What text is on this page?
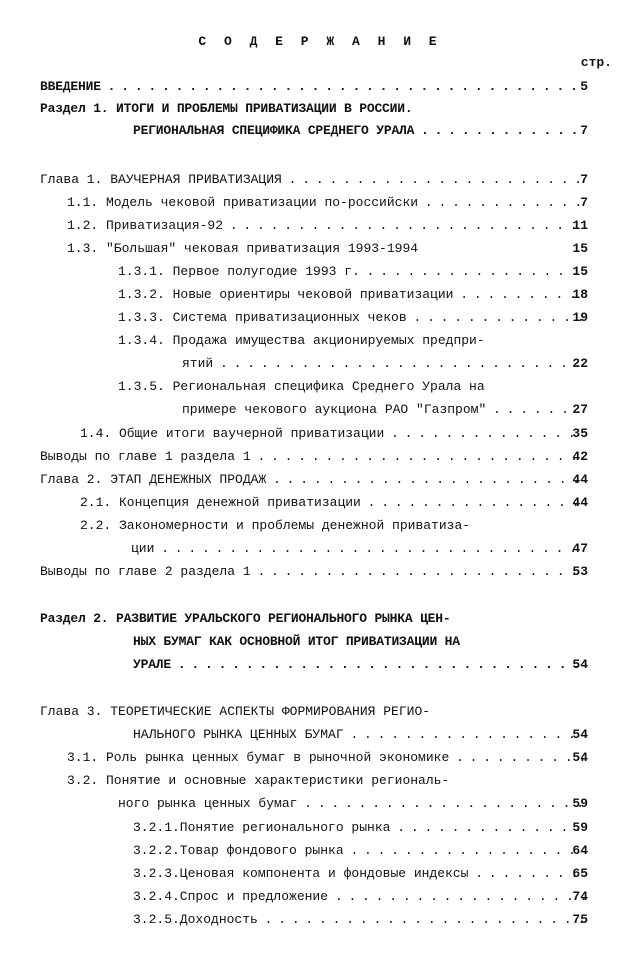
С О Д Е Р Ж А Н И Е
стр.
ВВЕДЕНИЕ . . .	5
Раздел 1. ИТОГИ И ПРОБЛЕМЫ ПРИВАТИЗАЦИИ В РОССИИ.
РЕГИОНАЛЬНАЯ СПЕЦИФИКА СРЕДНЕГО УРАЛА . . .	7
Глава 1. ВАУЧЕРНАЯ ПРИВАТИЗАЦИЯ . . .	7
1.1. Модель чековой приватизации по-российски . . .	7
1.2. Приватизация-92 . . .	11
1.3. "Большая" чековая приватизация 1993-1994	15
1.3.1. Первое полугодие 1993 г. . . .	15
1.3.2. Новые ориентиры чековой приватизации . . .	18
1.3.3. Система приватизационных чеков . . .	19
1.3.4. Продажа имущества акционируемых предпри-
ятий . . .	22
1.3.5. Региональная специфика Среднего Урала на
примере чекового аукциона РАО "Газпром" . . .	27
1.4. Общие итоги ваучерной приватизации . . .	35
Выводы по главе 1 раздела 1 . . .	42
Глава 2. ЭТАП ДЕНЕЖНЫХ ПРОДАЖ . . .	44
2.1. Концепция денежной приватизации . . .	44
2.2. Закономерности и проблемы денежной приватиза-
ции . . .	47
Выводы по главе 2 раздела 1 . . .	53
Раздел 2. РАЗВИТИЕ УРАЛЬСКОГО РЕГИОНАЛЬНОГО РЫНКА ЦЕН-
НЫХ БУМАГ КАК ОСНОВНОЙ ИТОГ ПРИВАТИЗАЦИИ НА
УРАЛЕ . . .	54
Глава 3. ТЕОРЕТИЧЕСКИЕ АСПЕКТЫ ФОРМИРОВАНИЯ РЕГИО-
НАЛЬНОГО РЫНКА ЦЕННЫХ БУМАГ . . .	54
3.1. Роль рынка ценных бумаг в рыночной экономике . . .	54
3.2. Понятие и основные характеристики региональ-
ного рынка ценных бумаг . . .	59
3.2.1.Понятие регионального рынка . . .	59
3.2.2.Товар фондового рынка . . .	64
3.2.3.Ценовая компонента и фондовые индексы . . .	65
3.2.4.Спрос и предложение . . .	74
3.2.5.Доходность . . .	75
